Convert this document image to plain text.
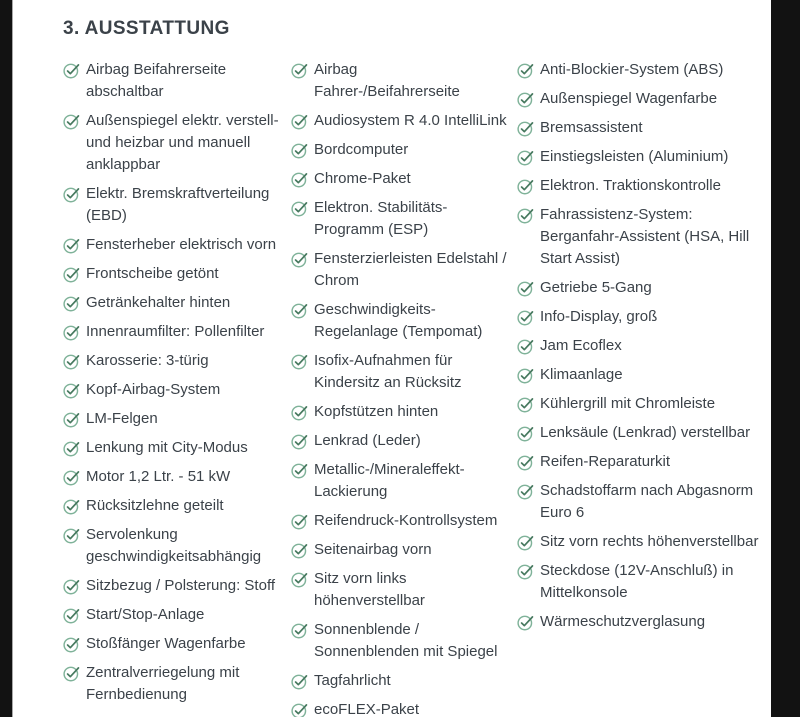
3. AUSSTATTUNG
Airbag Beifahrerseite abschaltbar
Außenspiegel elektr. verstell- und heizbar und manuell anklappbar
Elektr. Bremskraftverteilung (EBD)
Fensterheber elektrisch vorn
Frontscheibe getönt
Getränkehalter hinten
Innenraumfilter: Pollenfilter
Karosserie: 3-türig
Kopf-Airbag-System
LM-Felgen
Lenkung mit City-Modus
Motor 1,2 Ltr. - 51 kW
Rücksitzlehne geteilt
Servolenkung geschwindigkeitsabhängig
Sitzbezug / Polsterung: Stoff
Start/Stop-Anlage
Stoßfänger Wagenfarbe
Zentralverriegelung mit Fernbedienung
Airbag Fahrer-/Beifahrerseite
Audiosystem R 4.0 IntelliLink
Bordcomputer
Chrome-Paket
Elektron. Stabilitäts-Programm (ESP)
Fensterzierleisten Edelstahl / Chrom
Geschwindigkeits-Regelanlage (Tempomat)
Isofix-Aufnahmen für Kindersitz an Rücksitz
Kopfstützen hinten
Lenkrad (Leder)
Metallic-/Mineraleffekt-Lackierung
Reifendruck-Kontrollsystem
Seitenairbag vorn
Sitz vorn links höhenverstellbar
Sonnenblende / Sonnenblenden mit Spiegel
Tagfahrlicht
ecoFLEX-Paket
Anti-Blockier-System (ABS)
Außenspiegel Wagenfarbe
Bremsassistent
Einstiegsleisten (Aluminium)
Elektron. Traktionskontrolle
Fahrassistenz-System: Berganfahr-Assistent (HSA, Hill Start Assist)
Getriebe 5-Gang
Info-Display, groß
Jam Ecoflex
Klimaanlage
Kühlergrill mit Chromleiste
Lenksäule (Lenkrad) verstellbar
Reifen-Reparaturkit
Schadstoffarm nach Abgasnorm Euro 6
Sitz vorn rechts höhenverstellbar
Steckdose (12V-Anschluß) in Mittelkonsole
Wärmeschutzverglasung
